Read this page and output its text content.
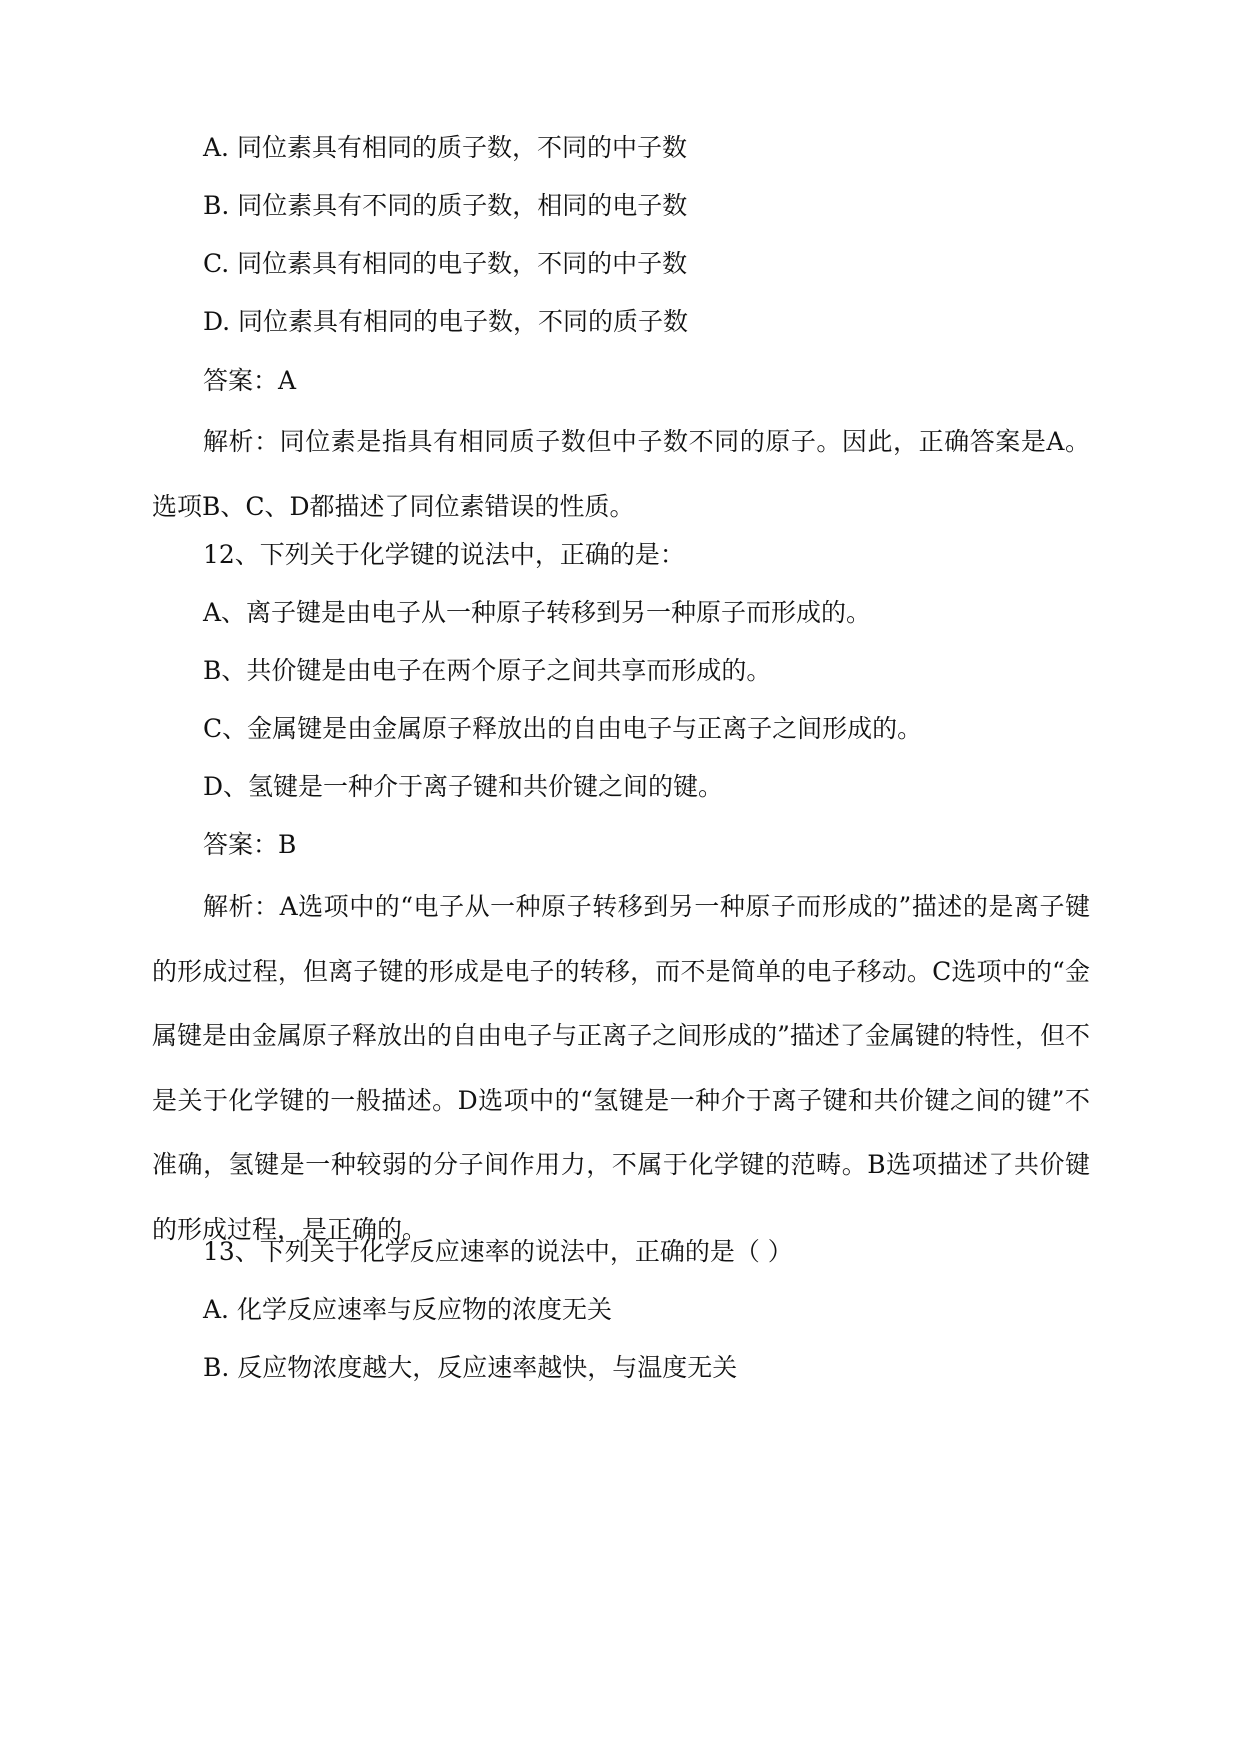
A. 同位素具有相同的质子数，不同的中子数
B. 同位素具有不同的质子数，相同的电子数
C. 同位素具有相同的电子数，不同的中子数
D. 同位素具有相同的电子数，不同的质子数
答案：A
解析：同位素是指具有相同质子数但中子数不同的原子。因此，正确答案是A。选项B、C、D都描述了同位素错误的性质。
12、下列关于化学键的说法中，正确的是：
A、离子键是由电子从一种原子转移到另一种原子而形成的。
B、共价键是由电子在两个原子之间共享而形成的。
C、金属键是由金属原子释放出的自由电子与正离子之间形成的。
D、氢键是一种介于离子键和共价键之间的键。
答案：B
解析：A选项中的“电子从一种原子转移到另一种原子而形成的”描述的是离子键的形成过程，但离子键的形成是电子的转移，而不是简单的电子移动。C选项中的“金属键是由金属原子释放出的自由电子与正离子之间形成的”描述了金属键的特性，但不是关于化学键的一般描述。D选项中的“氢键是一种介于离子键和共价键之间的键”不准确，氢键是一种较弱的分子间作用力，不属于化学键的范畴。B选项描述了共价键的形成过程，是正确的。
13、下列关于化学反应速率的说法中，正确的是（ ）
A. 化学反应速率与反应物的浓度无关
B. 反应物浓度越大，反应速率越快，与温度无关
